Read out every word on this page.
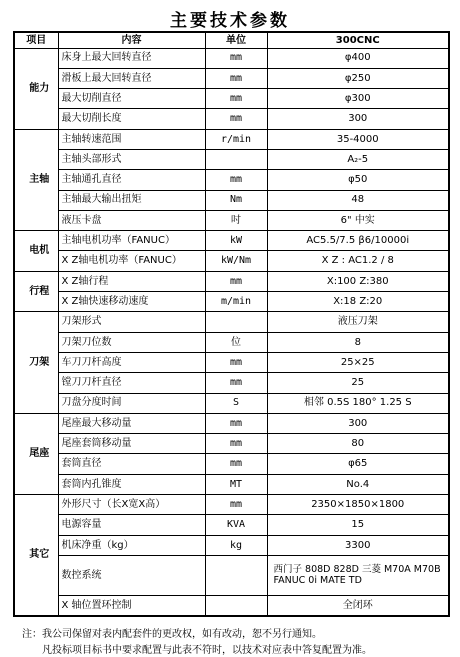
主要技术参数
项目	内容	单位	300CNC
能力	床身上最大回转直径	mm	φ400
	滑板上最大回转直径	mm	φ250
	最大切削直径	mm	φ300
	最大切削长度	mm	300
主轴	主轴转速范围	r/min	35-4000
	主轴头部形式		A₂-5
	主轴通孔直径	mm	φ50
	主轴最大输出扭矩	Nm	48
	液压卡盘	吋	6" 中实
电机	主轴电机功率（FANUC）	kW	AC5.5/7.5 β6/10000i
	X Z轴电机功率（FANUC）	kW/Nm	X Z : AC1.2 / 8
行程	X Z轴行程	mm	X:100 Z:380
	X Z轴快速移动速度	m/min	X:18 Z:20
刀架	刀架形式		液压刀架
	刀架刀位数	位	8
	车刀刀杆高度	mm	25×25
	镗刀刀杆直径	mm	25
	刀盘分度时间	S	相邻 0.5S 180° 1.25 S
尾座	尾座最大移动量	mm	300
	尾座套筒移动量	mm	80
	套筒直径	mm	φ65
	套筒内孔锥度	MT	No.4
其它	外形尺寸（长X宽X高）	mm	2350×1850×1800
	电源容量	KVA	15
	机床净重（kg）	kg	3300
	数控系统		西门子 808D 828D 三菱 M70A M70B FANUC 0i MATE TD
	X 轴位置环控制		全闭环
注：我公司保留对表内配套件的更改权，如有改动，恕不另行通知。
凡投标项目标书中要求配置与此表不符时，以技术对应表中答复配置为准。
